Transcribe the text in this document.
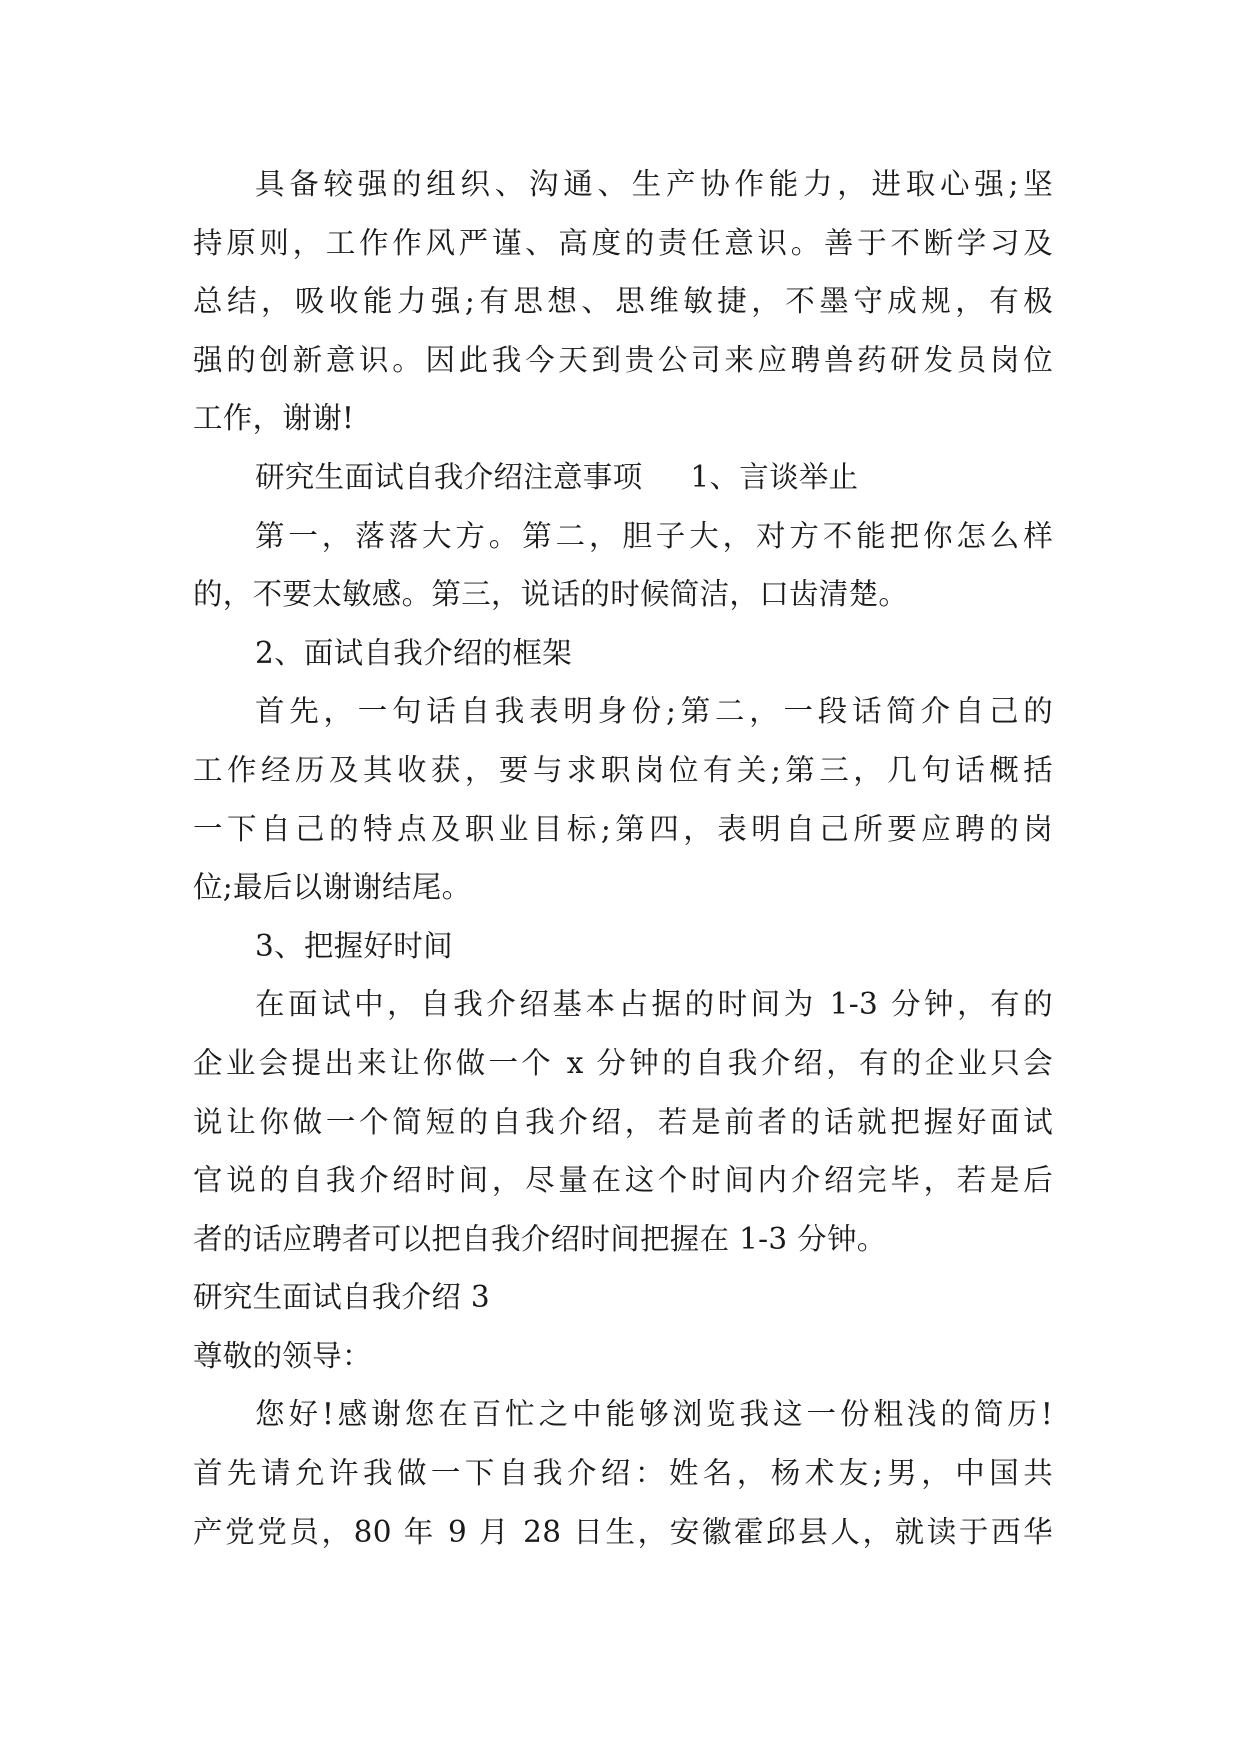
具备较强的组织、沟通、生产协作能力，进取心强;坚
持原则，工作作风严谨、高度的责任意识。善于不断学习及
总结，吸收能力强;有思想、思维敏捷，不墨守成规，有极
强的创新意识。因此我今天到贵公司来应聘兽药研发员岗位
工作，谢谢!
研究生面试自我介绍注意事项 1、言谈举止
第一，落落大方。第二，胆子大，对方不能把你怎么样
的，不要太敏感。第三，说话的时候简洁，口齿清楚。
2、面试自我介绍的框架
首先，一句话自我表明身份;第二，一段话简介自己的
工作经历及其收获，要与求职岗位有关;第三，几句话概括
一下自己的特点及职业目标;第四，表明自己所要应聘的岗
位;最后以谢谢结尾。
3、把握好时间
在面试中，自我介绍基本占据的时间为 1-3 分钟，有的
企业会提出来让你做一个 x 分钟的自我介绍，有的企业只会
说让你做一个简短的自我介绍，若是前者的话就把握好面试
官说的自我介绍时间，尽量在这个时间内介绍完毕，若是后
者的话应聘者可以把自我介绍时间把握在 1-3 分钟。
研究生面试自我介绍 3
尊敬的领导：
您好!感谢您在百忙之中能够浏览我这一份粗浅的简历!
首先请允许我做一下自我介绍：姓名，杨术友;男，中国共
产党党员，80 年 9 月 28 日生，安徽霍邱县人，就读于西华
